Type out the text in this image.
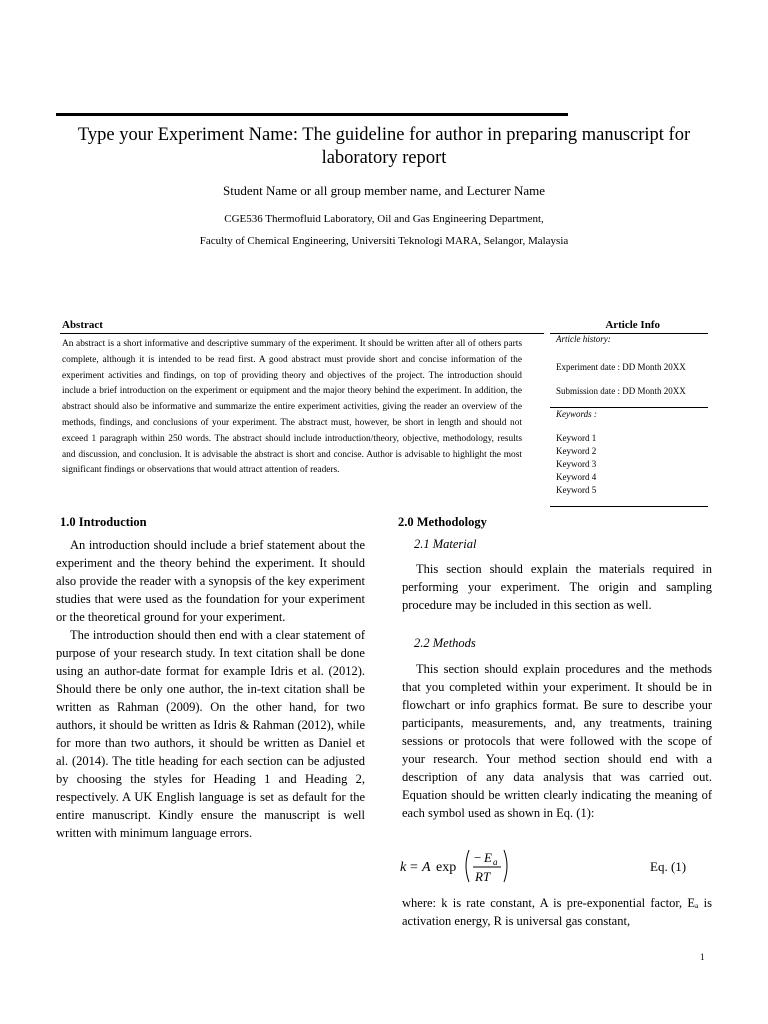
Type your Experiment Name: The guideline for author in preparing manuscript for laboratory report
Student Name or all group member name, and Lecturer Name
CGE536 Thermofluid Laboratory, Oil and Gas Engineering Department,
Faculty of Chemical Engineering, Universiti Teknologi MARA, Selangor, Malaysia
Abstract
An abstract is a short informative and descriptive summary of the experiment. It should be written after all of others parts complete, although it is intended to be read first. A good abstract must provide short and concise information of the experiment activities and findings, on top of providing theory and objectives of the project. The introduction should include a brief introduction on the experiment or equipment and the major theory behind the experiment. In addition, the abstract should also be informative and summarize the entire experiment activities, giving the reader an overview of the methods, findings, and conclusions of your experiment. The abstract must, however, be short in length and should not exceed 1 paragraph within 250 words. The abstract should include introduction/theory, objective, methodology, results and discussion, and conclusion. It is advisable the abstract is short and concise. Author is advisable to highlight the most significant findings or observations that would attract attention of readers.
Article Info
Article history:
Experiment date : DD Month 20XX
Submission date : DD Month 20XX
Keywords :
Keyword 1
Keyword 2
Keyword 3
Keyword 4
Keyword 5
1.0 Introduction

An introduction should include a brief statement about the experiment and the theory behind the experiment. It should also provide the reader with a synopsis of the key experiment studies that were used as the foundation for your experiment or the theoretical ground for your experiment.

The introduction should then end with a clear statement of purpose of your research study. In text citation shall be done using an author-date format for example Idris et al. (2012). Should there be only one author, the in-text citation shall be written as Rahman (2009). On the other hand, for two authors, it should be written as Idris & Rahman (2012), while for more than two authors, it should be written as Daniel et al. (2014). The title heading for each section can be adjusted by choosing the styles for Heading 1 and Heading 2, respectively. A UK English language is set as default for the entire manuscript. Kindly ensure the manuscript is well written with minimum language errors.

2.0 Methodology
2.1 Material

This section should explain the materials required in performing your experiment. The origin and sampling procedure may be included in this section as well.

2.2 Methods

This section should explain procedures and the methods that you completed within your experiment. It should be in flowchart or info graphics format. Be sure to describe your participants, measurements, and, any treatments, training sessions or protocols that were followed with the scope of your research. Your method section should end with a description of any data analysis that was carried out. Equation should be written clearly indicating the meaning of each symbol used as shown in Eq. (1):

k = A exp
− E a
RT
Eq. (1)

where: k is rate constant, A is pre-exponential factor, Eₐ is activation energy, R is universal gas constant,

1
